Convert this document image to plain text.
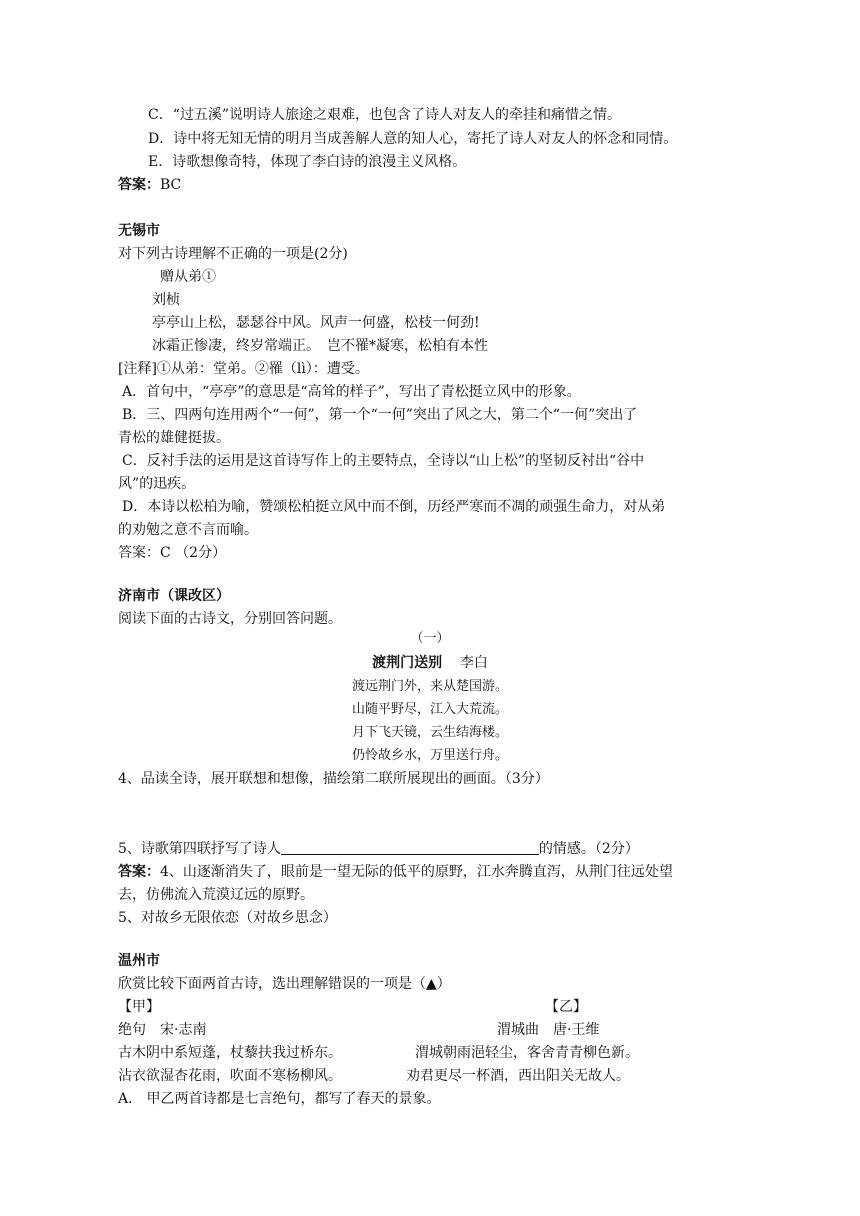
C．“过五溪”说明诗人旅途之艰难，也包含了诗人对友人的牵挂和痛惜之情。
D．诗中将无知无情的明月当成善解人意的知人心，寄托了诗人对友人的怀念和同情。
E．诗歌想像奇特，体现了李白诗的浪漫主义风格。
答案：BC
无锡市
对下列古诗理解不正确的一项是(2分)
赠从弟①
刘桢
亭亭山上松，瑟瑟谷中风。风声一何盛，松枝一何劲!
冰霜正惨凄，终岁常端正。　岂不罹*凝寒，松柏有本性
[注释]①从弟：堂弟。②罹（lì）：遭受。
A．首句中，“亭亭”的意思是“高耸的样子”，写出了青松挺立风中的形象。
B．三、四两句连用两个“一何”，第一个“一何”突出了风之大，第二个“一何”突出了
青松的雄健挺拔。
C．反衬手法的运用是这首诗写作上的主要特点，全诗以“山上松”的坚韧反衬出“谷中
风”的迅疾。
D．本诗以松柏为喻，赞颂松柏挺立风中而不倒，历经严寒而不凋的顽强生命力，对从弟
的劝勉之意不言而喻。
答案：C （2分）
济南市（课改区）
阅读下面的古诗文，分别回答问题。
（一）
渡荆门送别 李白
渡远荆门外，来从楚国游。
山随平野尽，江入大荒流。
月下飞天镜，云生结海楼。
仍怜故乡水，万里送行舟。
4、品读全诗，展开联想和想像，描绘第二联所展现出的画面。（3分）
5、诗歌第四联抒写了诗人	的情感。（2分）
答案：4、山逐渐消失了，眼前是一望无际的低平的原野，江水奔腾直泻，从荆门往远处望
去，仿佛流入荒漠辽远的原野。
5、对故乡无限依恋（对故乡思念）
温州市
欣赏比较下面两首古诗，选出理解错误的一项是（▲）
【甲】	【乙】
绝句　宋·志南	渭城曲　唐·王维
古木阴中系短蓬，杖藜扶我过桥东。	渭城朝雨浥轻尘，客舍青青柳色新。
沾衣欲湿杏花雨，吹面不寒杨柳风。	劝君更尽一杯酒，西出阳关无故人。
A． 甲乙两首诗都是七言绝句，都写了春天的景象。
